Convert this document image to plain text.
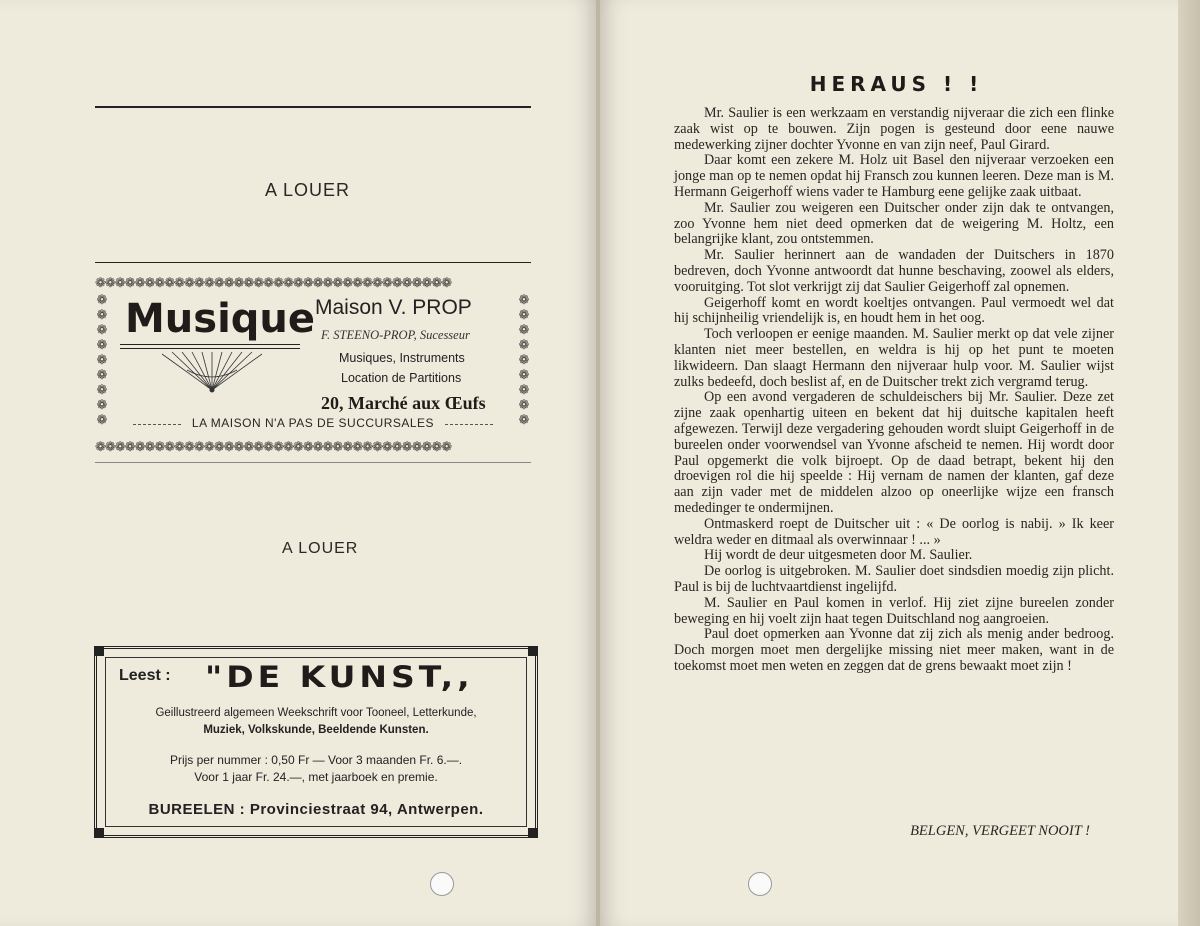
A LOUER
❁❁❁❁❁❁❁❁❁❁❁❁❁❁❁❁❁❁❁❁❁❁❁❁❁❁❁❁❁❁❁❁❁❁❁❁
❁❁❁❁❁❁❁❁❁❁❁❁❁❁❁❁❁❁❁❁❁❁❁❁❁❁❁❁❁❁❁❁❁❁❁❁
❁
❁
❁
❁
❁
❁
❁
❁
❁
❁
❁
❁
❁
❁
❁
❁
❁
❁
Musique Maison V. PROP
F. STEENO-PROP, Sucesseur
Musiques, Instruments
Location de Partitions
20, Marché aux Œufs
LA MAISON N'A PAS DE SUCCURSALES
A LOUER
Leest : "DE KUNST,,
Geillustreerd algemeen Weekschrift voor Tooneel, Letterkunde,
Muziek, Volkskunde, Beeldende Kunsten.
Prijs per nummer : 0,50 Fr — Voor 3 maanden Fr. 6.—.
Voor 1 jaar Fr. 24.—, met jaarboek en premie.
BUREELEN : Provinciestraat 94, Antwerpen.
HERAUS ! !

Mr. Saulier is een werkzaam en verstandig nijveraar die zich een flinke zaak wist op te bouwen. Zijn pogen is gesteund door eene nauwe medewerking zijner dochter Yvonne en van zijn neef, Paul Girard.

Daar komt een zekere M. Holz uit Basel den nijveraar verzoeken een jonge man op te nemen opdat hij Fransch zou kunnen leeren. Deze man is M. Hermann Geigerhoff wiens vader te Hamburg eene gelijke zaak uitbaat.

Mr. Saulier zou weigeren een Duitscher onder zijn dak te ontvangen, zoo Yvonne hem niet deed opmerken dat de weigering M. Holtz, een belangrijke klant, zou ontstemmen.

Mr. Saulier herinnert aan de wandaden der Duitschers in 1870 bedreven, doch Yvonne antwoordt dat hunne beschaving, zoowel als elders, vooruitging. Tot slot verkrijgt zij dat Saulier Geigerhoff zal opnemen.

Geigerhoff komt en wordt koeltjes ontvangen. Paul vermoedt wel dat hij schijnheilig vriendelijk is, en houdt hem in het oog.

Toch verloopen er eenige maanden. M. Saulier merkt op dat vele zijner klanten niet meer bestellen, en weldra is hij op het punt te moeten likwideern. Dan slaagt Hermann den nijveraar hulp voor. M. Saulier wijst zulks bedeefd, doch beslist af, en de Duitscher trekt zich vergramd terug.

Op een avond vergaderen de schuldeischers bij Mr. Saulier. Deze zet zijne zaak openhartig uiteen en bekent dat hij duitsche kapitalen heeft afgewezen. Terwijl deze vergadering gehouden wordt sluipt Geigerhoff in de bureelen onder voorwendsel van Yvonne afscheid te nemen. Hij wordt door Paul opgemerkt die volk bijroept. Op de daad betrapt, bekent hij den droevigen rol die hij speelde : Hij vernam de namen der klanten, gaf deze aan zijn vader met de middelen alzoo op oneerlijke wijze een fransch mededinger te ondermijnen.

Ontmaskerd roept de Duitscher uit : « De oorlog is nabij. » Ik keer weldra weder en ditmaal als overwinnaar ! ... »

Hij wordt de deur uitgesmeten door M. Saulier.

De oorlog is uitgebroken. M. Saulier doet sindsdien moedig zijn plicht. Paul is bij de luchtvaartdienst ingelijfd.

M. Saulier en Paul komen in verlof. Hij ziet zijne bureelen zonder beweging en hij voelt zijn haat tegen Duitschland nog aangroeien.

Paul doet opmerken aan Yvonne dat zij zich als menig ander bedroog. Doch morgen moet men dergelijke missing niet meer maken, want in de toekomst moet men weten en zeggen dat de grens bewaakt moet zijn !

BELGEN, VERGEET NOOIT !
